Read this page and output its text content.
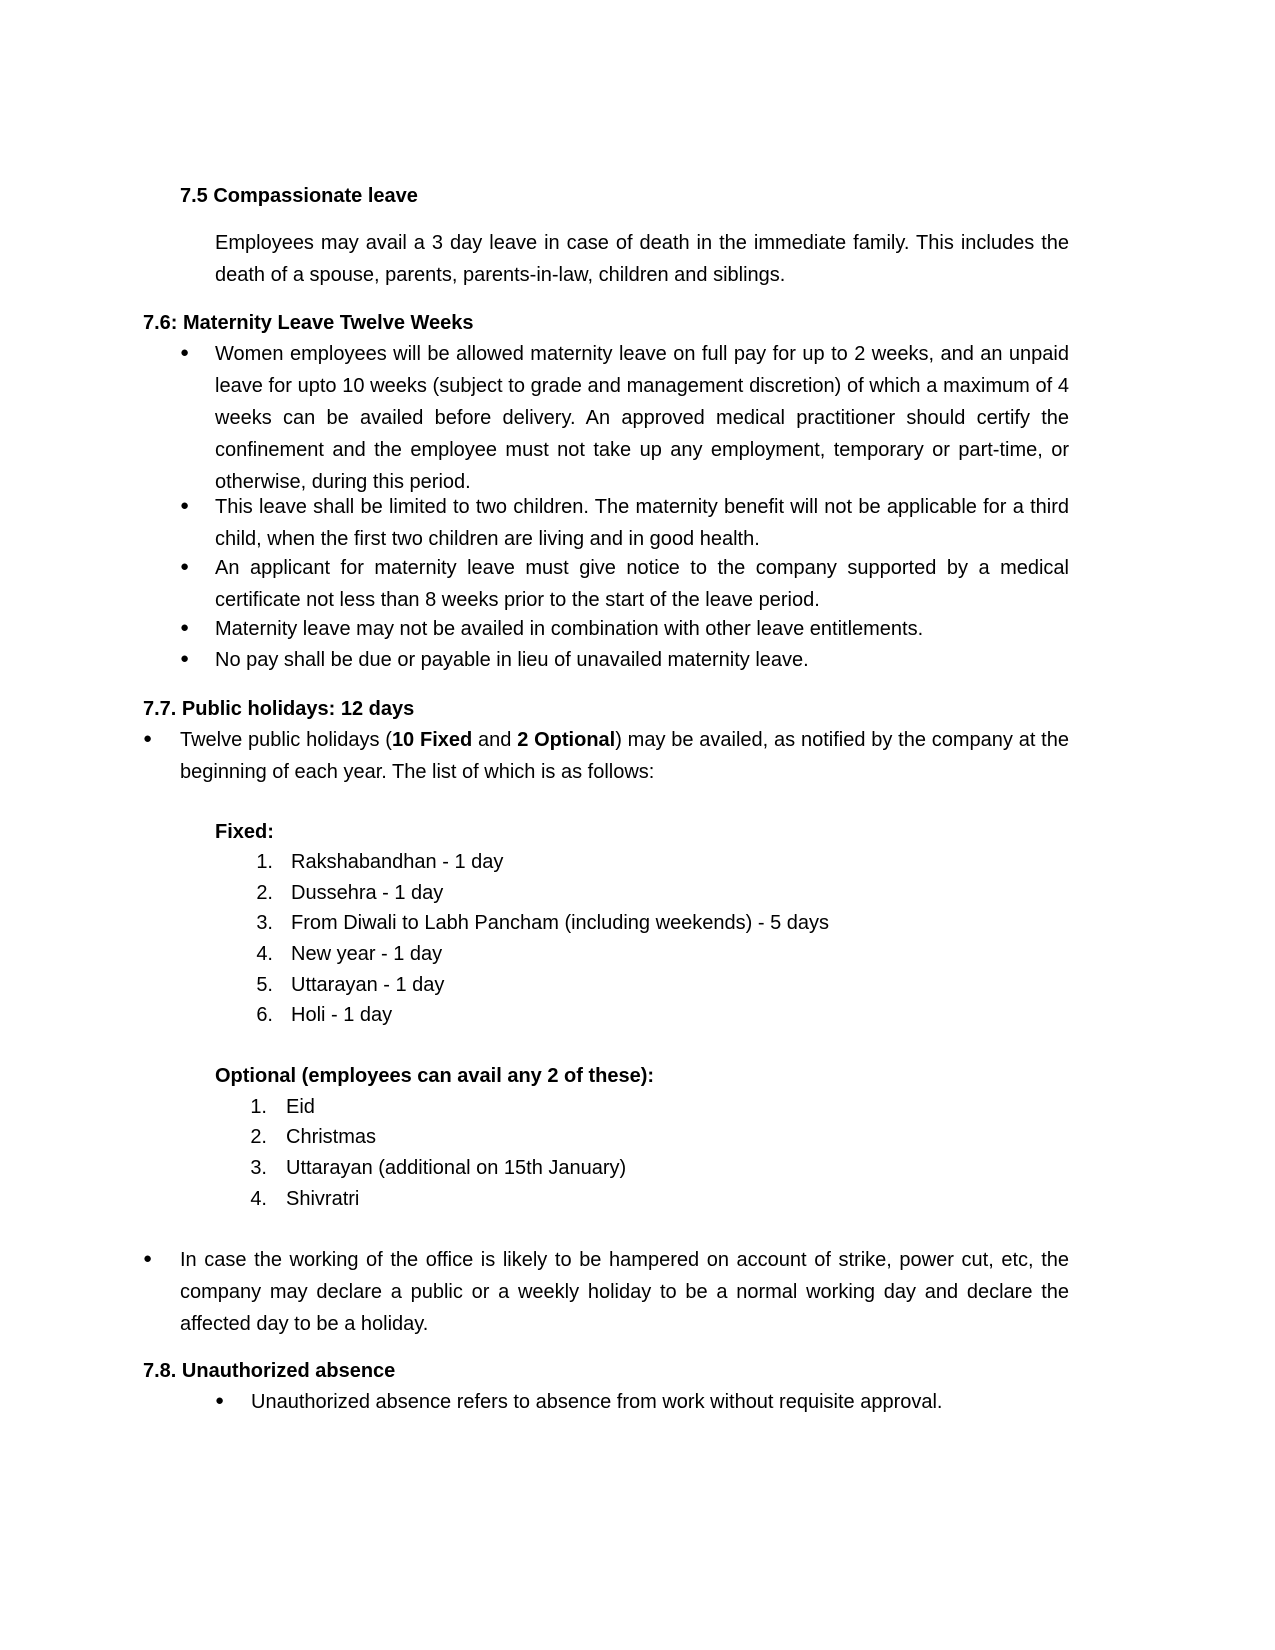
7.5 Compassionate leave

Employees may avail a 3 day leave in case of death in the immediate family. This includes the death of a spouse, parents, parents-in-law, children and siblings.

7.6: Maternity Leave Twelve Weeks

● Women employees will be allowed maternity leave on full pay for up to 2 weeks, and an unpaid leave for upto 10 weeks (subject to grade and management discretion) of which a maximum of 4 weeks can be availed before delivery. An approved medical practitioner should certify the confinement and the employee must not take up any employment, temporary or part-time, or otherwise, during this period.

● This leave shall be limited to two children. The maternity benefit will not be applicable for a third child, when the first two children are living and in good health.

● An applicant for maternity leave must give notice to the company supported by a medical certificate not less than 8 weeks prior to the start of the leave period.

● Maternity leave may not be availed in combination with other leave entitlements.

● No pay shall be due or payable in lieu of unavailed maternity leave.

7.7. Public holidays: 12 days

● Twelve public holidays (10 Fixed and 2 Optional) may be availed, as notified by the company at the beginning of each year. The list of which is as follows:

Fixed:

1. Rakshabandhan - 1 day
2. Dussehra - 1 day
3. From Diwali to Labh Pancham (including weekends) - 5 days
4. New year - 1 day
5. Uttarayan - 1 day
6. Holi - 1 day

Optional (employees can avail any 2 of these):

1. Eid
2. Christmas
3. Uttarayan (additional on 15th January)
4. Shivratri
● In case the working of the office is likely to be hampered on account of strike, power cut, etc, the company may declare a public or a weekly holiday to be a normal working day and declare the affected day to be a holiday.

7.8. Unauthorized absence

● Unauthorized absence refers to absence from work without requisite approval.
